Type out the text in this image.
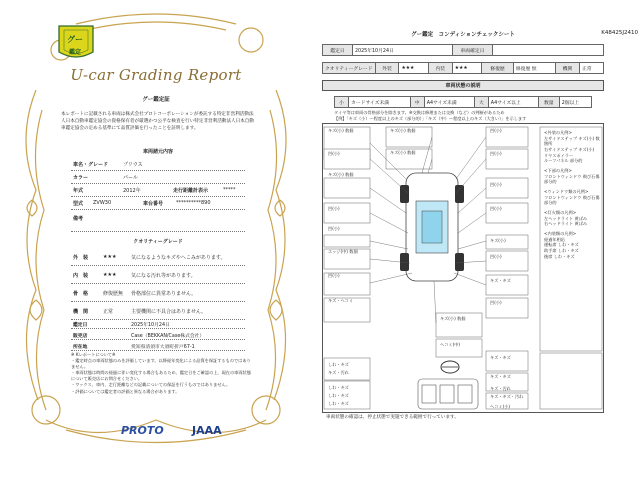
グー
鑑定
U-car Grading Report
グー鑑定証
本レポートに記載される車両は株式会社プロトコーポレーションが委託する特定非営利活動法人日本自動車鑑定協会の資格保有者が厳選かつ公平な検査を行い特定非営利活動法人日本自動車鑑定協会の定める基準にて品質評価を行ったことを証明します。
車両諸元内容
車名・グレード	プリウス
カラー	パール
年式	2012年	走行距離計表示	*****
型式 ZVW30	車台番号	**********890
備考
クオリティーグレード
外　装	★★★	気になるようなキズやへこみがあります。
内　装	★★★	気になる汚れ等があります。
骨　格	修復歴無 骨格部位に異常ありません。
機　関	正常	主要機関に不具合はありません。
鑑定日	2025年10月24日
販売店	Case（BEKKAN/Case株式会社）
所在地	愛知県清須市大須町折戸67-1
※ Kレポートについて※
・鑑定時点の車両状態のみを評価しています。以降経年変化による品質を保証するものではありません。
・車両状態は時間の経過に伴い変化する場合もあるため、鑑定日をご確認の上、現在の車両状態について販売店にお問合せください。
・ワックス、車内、走行距離などの記載についての保証を行うものではありません。
・評価については鑑定者の評価と異なる場合があります。
PROTO	JAAA
グー鑑定　コンディションチェックシート	K48425J2410
鑑定日	2025年10月24日	車両確定日	
クオリティーグレード	外装	★★★	内装	★★★	修復歴	修復歴 無	機関	正常
車両状態の説明
小	カードサイズ未満	中	A4サイズ未満	大	A4サイズ以上	数量	2個以上
タイヤ等は車両の骨格部分を除きます。※交換は修理または交換（など）の判断があるため
【例】「キズ（小）～程度以上のキズ（部分的）」「キズ（中）～程度以上のキズ（大きい）」を示します
キズ(小) 数個
凹(小)
キズ(小) 数個
凹(小)
凹(小)
エッジ(中) 数個
凹(小)
キズ・ヘコミ
キズ(小) 数個
キズ(小) 数個
キズ(小) 数個
ヘコミ(中)
凹(小)
凹(小)
凹(小)
凹(小)
キズ(小)
凹(小)
キズ・キズ
凹(小)
キズ・キズ
キズ・キズ
キズ・キズ・汚れ
しわ・キズ
キズ・汚れ
しわ・キズ
しわ・キズ
しわ・キズ
キズ・汚れ
ヘコミ(小)
<外装の凡例>
左サイドステップ キズ(小) 数箇所
右サイドステップ キズ(小)
リヤスポイラー
ルーフパネル 部分的
<下部の凡例>
フロントウィンドウ 飛び石傷 部分的
<ウィンドウ類の凡例>
フロントウィンドウ 飛び石傷 部分的
<灯火類の凡例>
左ヘッドライト 黄ばみ
右ヘッドライト 黄ばみ
<内装類の凡例>
経過年相応
運転席 しわ・キズ
助手席 しわ・キズ
後席 しわ・キズ
車両状態の確認は、停止状態で実施できる範囲で行っています。
